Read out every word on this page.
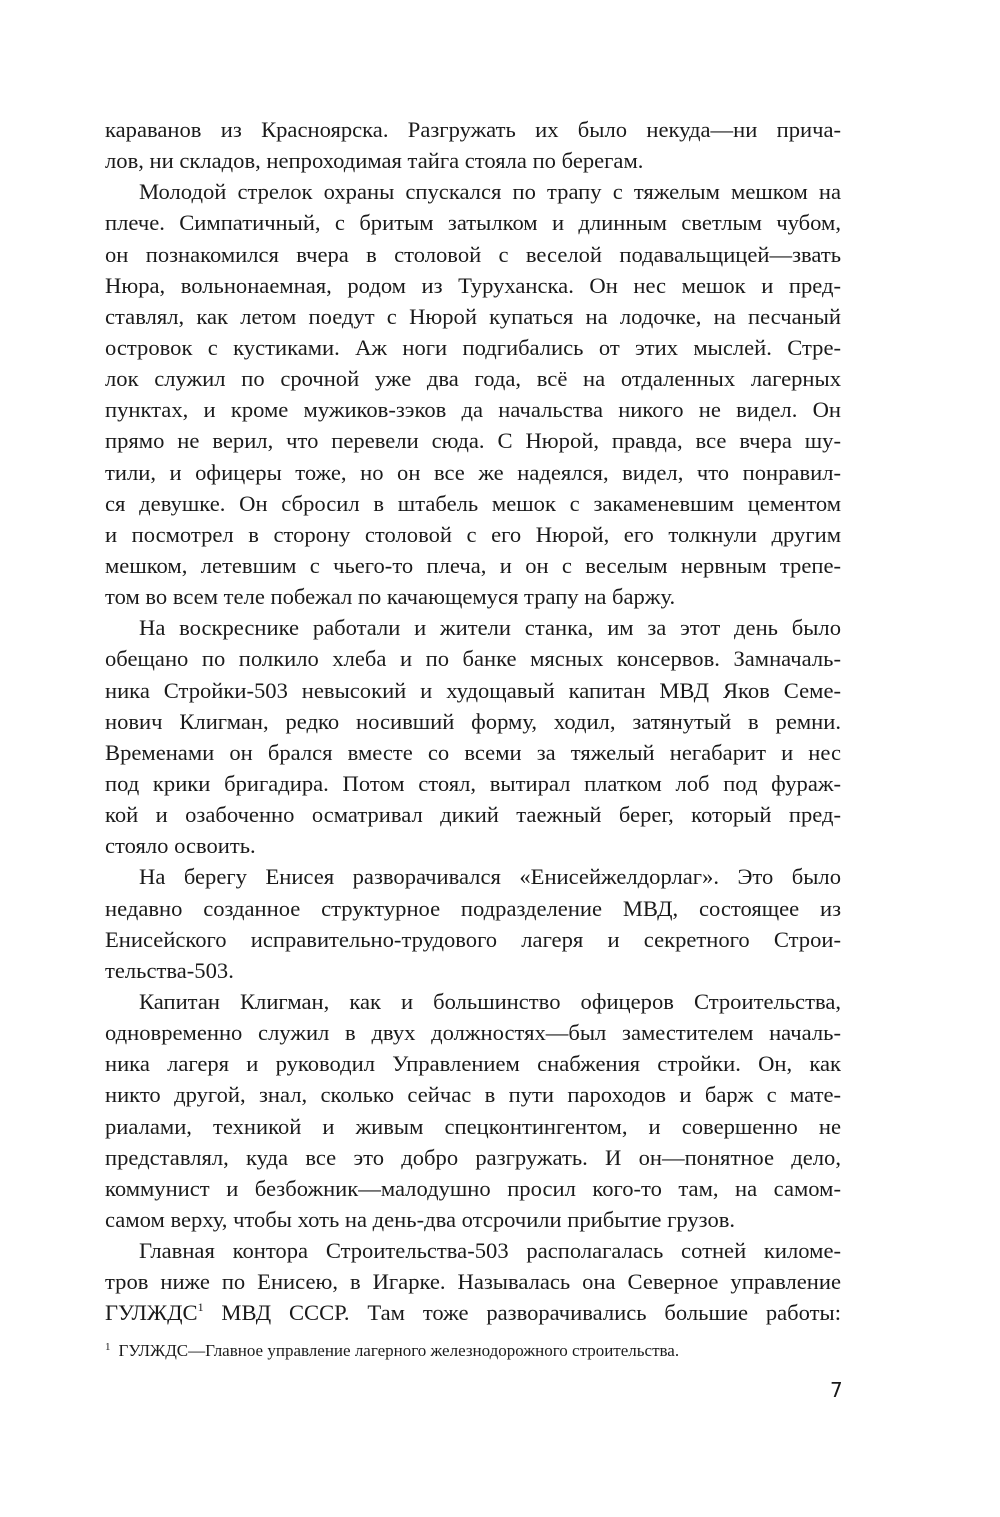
караванов из Красноярска. Разгружать их было некуда—ни прича-
лов, ни складов, непроходимая тайга стояла по берегам.
Молодой стрелок охраны спускался по трапу с тяжелым мешком на
плече. Симпатичный, с бритым затылком и длинным светлым чубом,
он познакомился вчера в столовой с веселой подавальщицей—звать
Нюра, вольнонаемная, родом из Туруханска. Он нес мешок и пред-
ставлял, как летом поедут с Нюрой купаться на лодочке, на песчаный
островок с кустиками. Аж ноги подгибались от этих мыслей. Стре-
лок служил по срочной уже два года, всё на отдаленных лагерных
пунктах, и кроме мужиков-зэков да начальства никого не видел. Он
прямо не верил, что перевели сюда. С Нюрой, правда, все вчера шу-
тили, и офицеры тоже, но он все же надеялся, видел, что понравил-
ся девушке. Он сбросил в штабель мешок с закаменевшим цементом
и посмотрел в сторону столовой с его Нюрой, его толкнули другим
мешком, летевшим с чьего-то плеча, и он с веселым нервным трепе-
том во всем теле побежал по качающемуся трапу на баржу.
На воскреснике работали и жители станка, им за этот день было
обещано по полкило хлеба и по банке мясных консервов. Замначаль-
ника Стройки-503 невысокий и худощавый капитан МВД Яков Семе-
нович Клигман, редко носивший форму, ходил, затянутый в ремни.
Временами он брался вместе со всеми за тяжелый негабарит и нес
под крики бригадира. Потом стоял, вытирал платком лоб под фураж-
кой и озабоченно осматривал дикий таежный берег, который пред-
стояло освоить.
На берегу Енисея разворачивался «Енисейжелдорлаг». Это было
недавно созданное структурное подразделение МВД, состоящее из
Енисейского исправительно-трудового лагеря и секретного Строи-
тельства-503.
Капитан Клигман, как и большинство офицеров Строительства,
одновременно служил в двух должностях—был заместителем началь-
ника лагеря и руководил Управлением снабжения стройки. Он, как
никто другой, знал, сколько сейчас в пути пароходов и барж с мате-
риалами, техникой и живым спецконтингентом, и совершенно не
представлял, куда все это добро разгружать. И он—понятное дело,
коммунист и безбожник—малодушно просил кого-то там, на самом-
самом верху, чтобы хоть на день-два отсрочили прибытие грузов.
Главная контора Строительства-503 располагалась сотней киломе-
тров ниже по Енисею, в Игарке. Называлась она Северное управление
ГУЛЖДС$^1$ МВД СССР. Там тоже разворачивались большие работы:
$^1$ ГУЛЖДС—Главное управление лагерного железнодорожного строительства.
7
